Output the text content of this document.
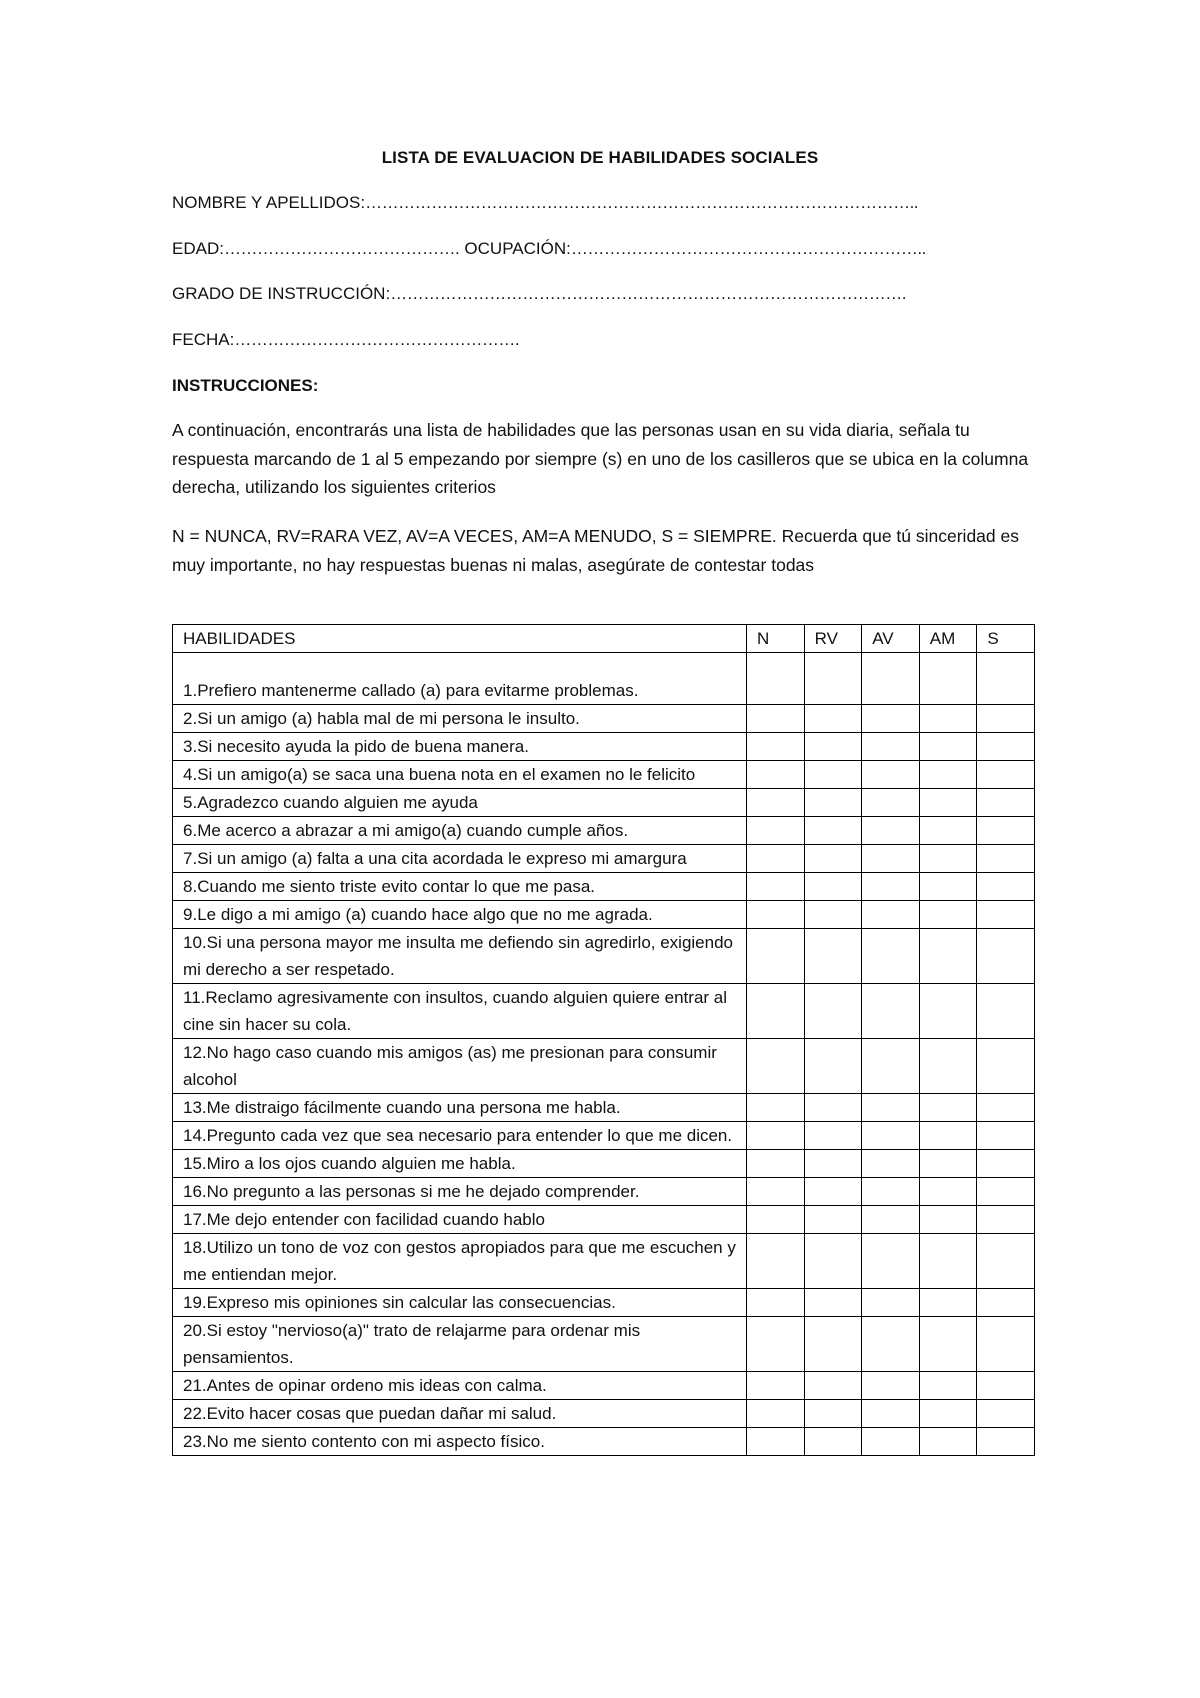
LISTA DE EVALUACION DE HABILIDADES SOCIALES
NOMBRE Y APELLIDOS:………………………………………………………………………………………..
EDAD:……………………………………. OCUPACIÓN:………………………………………………………..
GRADO DE INSTRUCCIÓN:………………………………………………………………………………….
FECHA:…………………………………………….
INSTRUCCIONES:
A continuación, encontrarás una lista de habilidades que las personas usan en su vida diaria, señala tu respuesta marcando de 1 al 5 empezando por siempre (s) en uno de los casilleros que se ubica en la columna derecha, utilizando los siguientes criterios
N = NUNCA, RV=RARA VEZ, AV=A VECES, AM=A MENUDO, S = SIEMPRE. Recuerda que tú sinceridad es muy importante, no hay respuestas buenas ni malas, asegúrate de contestar todas
HABILIDADES	N	RV	AV	AM	S
1.Prefiero mantenerme callado (a) para evitarme problemas.					
2.Si un amigo (a) habla mal de mi persona le insulto.					
3.Si necesito ayuda la pido de buena manera.					
4.Si un amigo(a) se saca una buena nota en el examen no le felicito					
5.Agradezco cuando alguien me ayuda					
6.Me acerco a abrazar a mi amigo(a) cuando cumple años.					
7.Si un amigo (a) falta a una cita acordada le expreso mi amargura					
8.Cuando me siento triste evito contar lo que me pasa.					
9.Le digo a mi amigo (a) cuando hace algo que no me agrada.					
10.Si una persona mayor me insulta me defiendo sin agredirlo, exigiendo mi derecho a ser respetado.					
11.Reclamo agresivamente con insultos, cuando alguien quiere entrar al cine sin hacer su cola.					
12.No hago caso cuando mis amigos (as) me presionan para consumir alcohol					
13.Me distraigo fácilmente cuando una persona me habla.					
14.Pregunto cada vez que sea necesario para entender lo que me dicen.					
15.Miro a los ojos cuando alguien me habla.					
16.No pregunto a las personas si me he dejado comprender.					
17.Me dejo entender con facilidad cuando hablo					
18.Utilizo un tono de voz con gestos apropiados para que me escuchen y me entiendan mejor.					
19.Expreso mis opiniones sin calcular las consecuencias.					
20.Si estoy "nervioso(a)" trato de relajarme para ordenar mis pensamientos.					
21.Antes de opinar ordeno mis ideas con calma.					
22.Evito hacer cosas que puedan dañar mi salud.					
23.No me siento contento con mi aspecto físico.					
